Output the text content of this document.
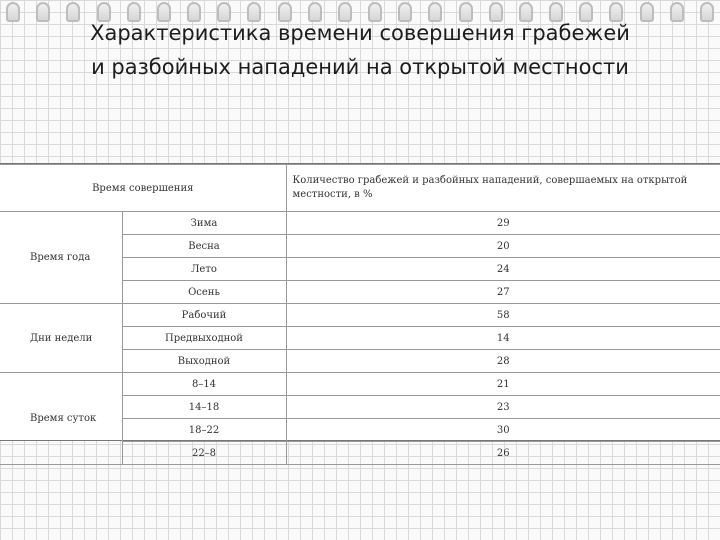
Характеристика времени совершения грабежей
и разбойных нападений на открытой местности
Время совершения		Количество грабежей и разбойных нападений, совершаемых на открытой местности, в %
Время года	Зима	29
	Весна	20
	Лето	24
	Осень	27
Дни недели	Рабочий	58
	Предвыходной	14
	Выходной	28
Время суток	8–14	21
	14–18	23
	18–22	30
	22–8	26
